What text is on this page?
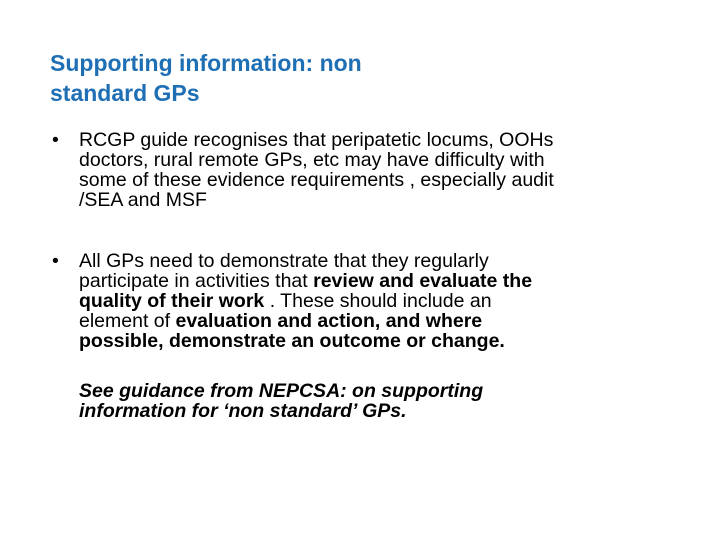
Supporting information: non
standard GPs
•	RCGP guide recognises that peripatetic locums, OOHs
doctors, rural remote GPs, etc may have difficulty with
some of these evidence requirements , especially audit
/SEA and MSF
•	All GPs need to demonstrate that they regularly
participate in activities that review and evaluate the
quality of their work . These should include an
element of evaluation and action, and where
possible, demonstrate an outcome or change.
See guidance from NEPCSA: on supporting
information for ‘non standard’ GPs.
